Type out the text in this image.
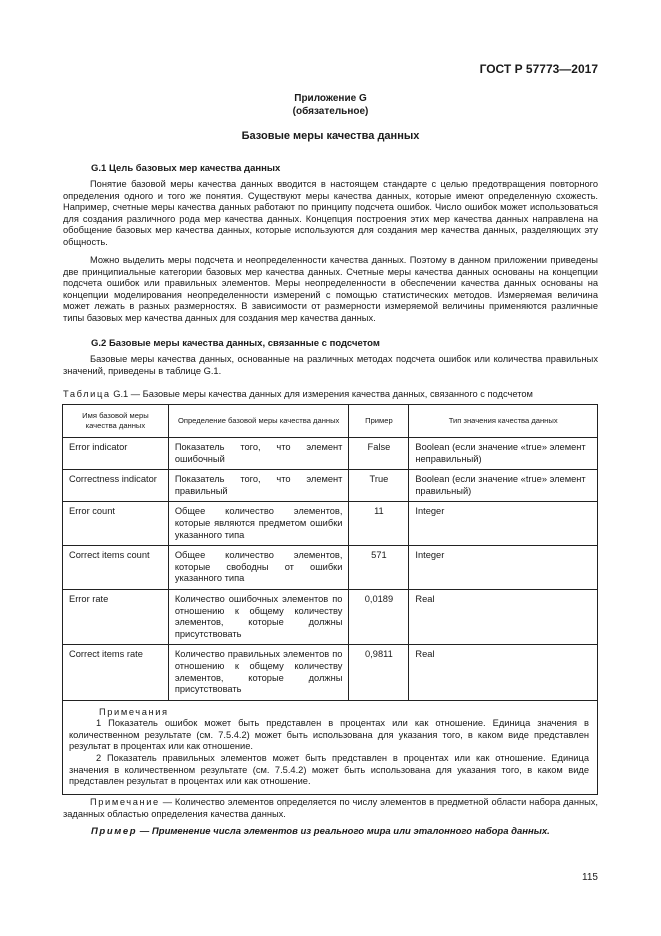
ГОСТ Р 57773—2017
Приложение G
(обязательное)
Базовые меры качества данных
G.1 Цель базовых мер качества данных
Понятие базовой меры качества данных вводится в настоящем стандарте с целью предотвращения повторного определения одного и того же понятия. Существуют меры качества данных, которые имеют определенную схожесть. Например, счетные меры качества данных работают по принципу подсчета ошибок. Число ошибок может использоваться для создания различного рода мер качества данных. Концепция построения этих мер качества данных направлена на обобщение базовых мер качества данных, которые используются для создания мер качества данных, разделяющих эту общность.
Можно выделить меры подсчета и неопределенности качества данных. Поэтому в данном приложении приведены две принципиальные категории базовых мер качества данных. Счетные меры качества данных основаны на концепции подсчета ошибок или правильных элементов. Меры неопределенности в обеспечении качества данных основаны на концепции моделирования неопределенности измерений с помощью статистических методов. Измеряемая величина может лежать в разных размерностях. В зависимости от размерности измеряемой величины применяются различные типы базовых мер качества данных для создания мер качества данных.
G.2 Базовые меры качества данных, связанные с подсчетом
Базовые меры качества данных, основанные на различных методах подсчета ошибок или количества правильных значений, приведены в таблице G.1.
Таблица G.1 — Базовые меры качества данных для измерения качества данных, связанного с подсчетом
Имя базовой меры качества данных	Определение базовой меры качества данных	Пример	Тип значения качества данных
Error indicator	Показатель того, что элемент ошибочный	False	Boolean (если значение «true» элемент неправильный)
Correctness indicator	Показатель того, что элемент правильный	True	Boolean (если значение «true» элемент правильный)
Error count	Общее количество элементов, которые являются предметом ошибки указанного типа	11	Integer
Correct items count	Общее количество элементов, которые свободны от ошибки указанного типа	571	Integer
Error rate	Количество ошибочных элементов по отношению к общему количеству элементов, которые должны присутствовать	0,0189	Real
Correct items rate	Количество правильных элементов по отношению к общему количеству элементов, которые должны присутствовать	0,9811	Real

Примечания
1 Показатель ошибок может быть представлен в процентах или как отношение. Единица значения в количественном результате (см. 7.5.4.2) может быть использована для указания того, в каком виде представлен результат в процентах или как отношение.
2 Показатель правильных элементов может быть представлен в процентах или как отношение. Единица значения в количественном результате (см. 7.5.4.2) может быть использована для указания того, в каком виде представлен результат в процентах или как отношение.			
Примечание — Количество элементов определяется по числу элементов в предметной области набора данных, заданных областью определения качества данных.
Пример — Применение числа элементов из реального мира или эталонного набора данных.
115
